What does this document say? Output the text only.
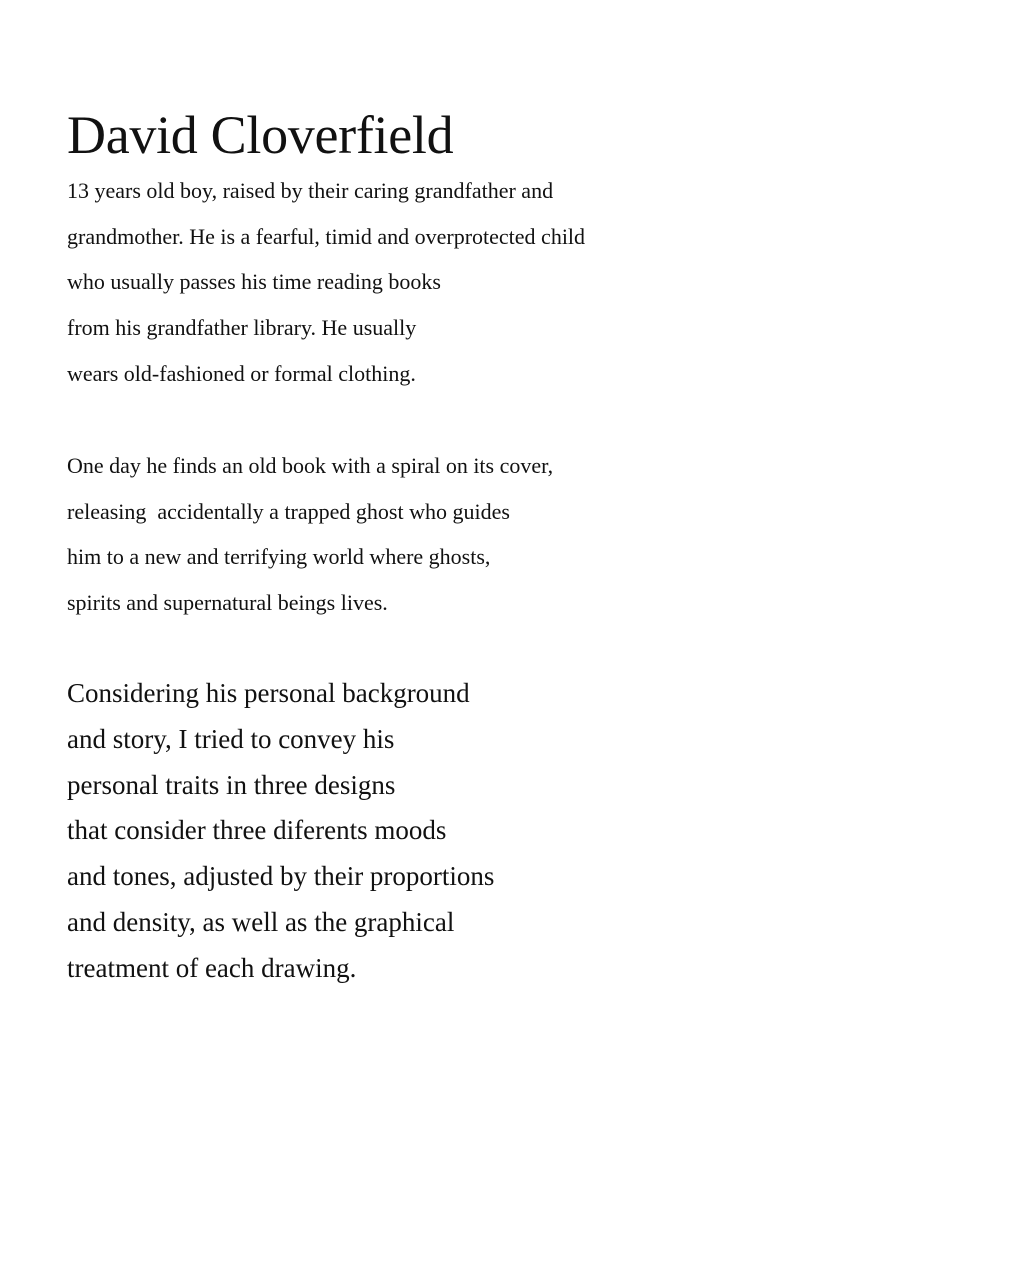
David Cloverfield

13 years old boy, raised by their caring grandfather and
grandmother. He is a fearful, timid and overprotected child
who usually passes his time reading books
from his grandfather library. He usually
wears old-fashioned or formal clothing.

One day he finds an old book with a spiral on its cover,
releasing  accidentally a trapped ghost who guides
him to a new and terrifying world where ghosts,
spirits and supernatural beings lives.

Considering his personal background
and story, I tried to convey his
personal traits in three designs
that consider three diferents moods
and tones, adjusted by their proportions
and density, as well as the graphical
treatment of each drawing.
